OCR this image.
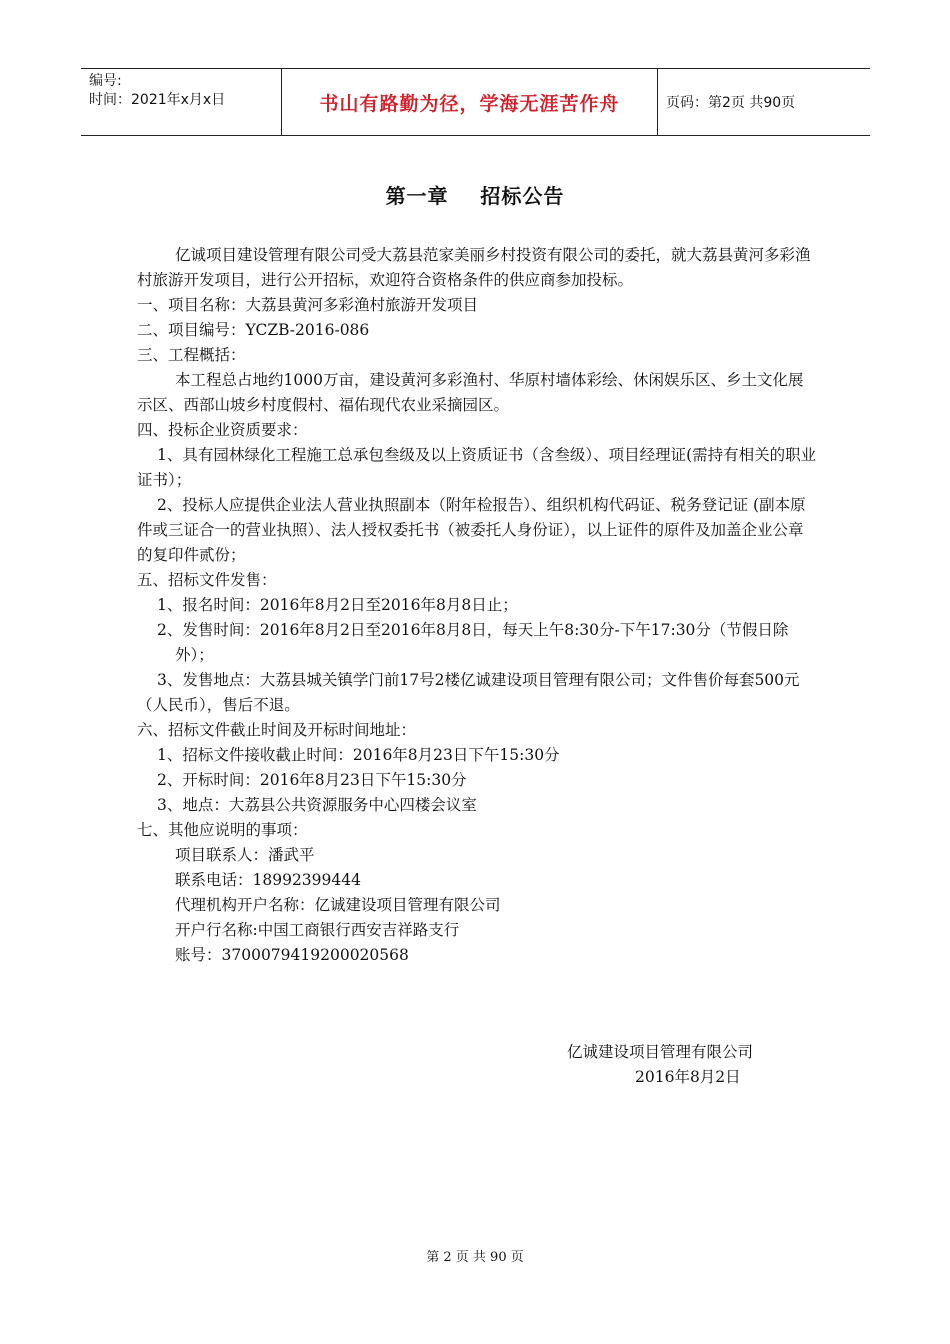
编号:
时间：2021年x月x日	书山有路勤为径，学海无涯苦作舟	页码：第2页 共90页
第一章    招标公告

亿诚项目建设管理有限公司受大荔县范家美丽乡村投资有限公司的委托，就大荔县黄河多彩渔村旅游开发项目，进行公开招标，欢迎符合资格条件的供应商参加投标。

一、项目名称：大荔县黄河多彩渔村旅游开发项目

二、项目编号：YCZB-2016-086

三、工程概括：

本工程总占地约1000万亩，建设黄河多彩渔村、华原村墙体彩绘、休闲娱乐区、乡土文化展示区、西部山坡乡村度假村、福佑现代农业采摘园区。

四、投标企业资质要求：

1、具有园林绿化工程施工总承包叁级及以上资质证书（含叁级）、项目经理证(需持有相关的职业证书）；

2、投标人应提供企业法人营业执照副本（附年检报告）、组织机构代码证、税务登记证 (副本原件或三证合一的营业执照）、法人授权委托书（被委托人身份证），以上证件的原件及加盖企业公章的复印件贰份；

五、招标文件发售：

1、报名时间：2016年8月2日至2016年8月8日止；

2、发售时间：2016年8月2日至2016年8月8日，每天上午8:30分-下午17:30分（节假日除外）；

3、发售地点：大荔县城关镇学门前17号2楼亿诚建设项目管理有限公司；文件售价每套500元（人民币），售后不退。

六、招标文件截止时间及开标时间地址：

1、招标文件接收截止时间：2016年8月23日下午15:30分

2、开标时间：2016年8月23日下午15:30分

3、地点：大荔县公共资源服务中心四楼会议室

七、其他应说明的事项：

项目联系人：潘武平

联系电话：18992399444

代理机构开户名称：亿诚建设项目管理有限公司

开户行名称:中国工商银行西安吉祥路支行

账号：3700079419200020568

亿诚建设项目管理有限公司
2016年8月2日
第 2 页 共 90 页
